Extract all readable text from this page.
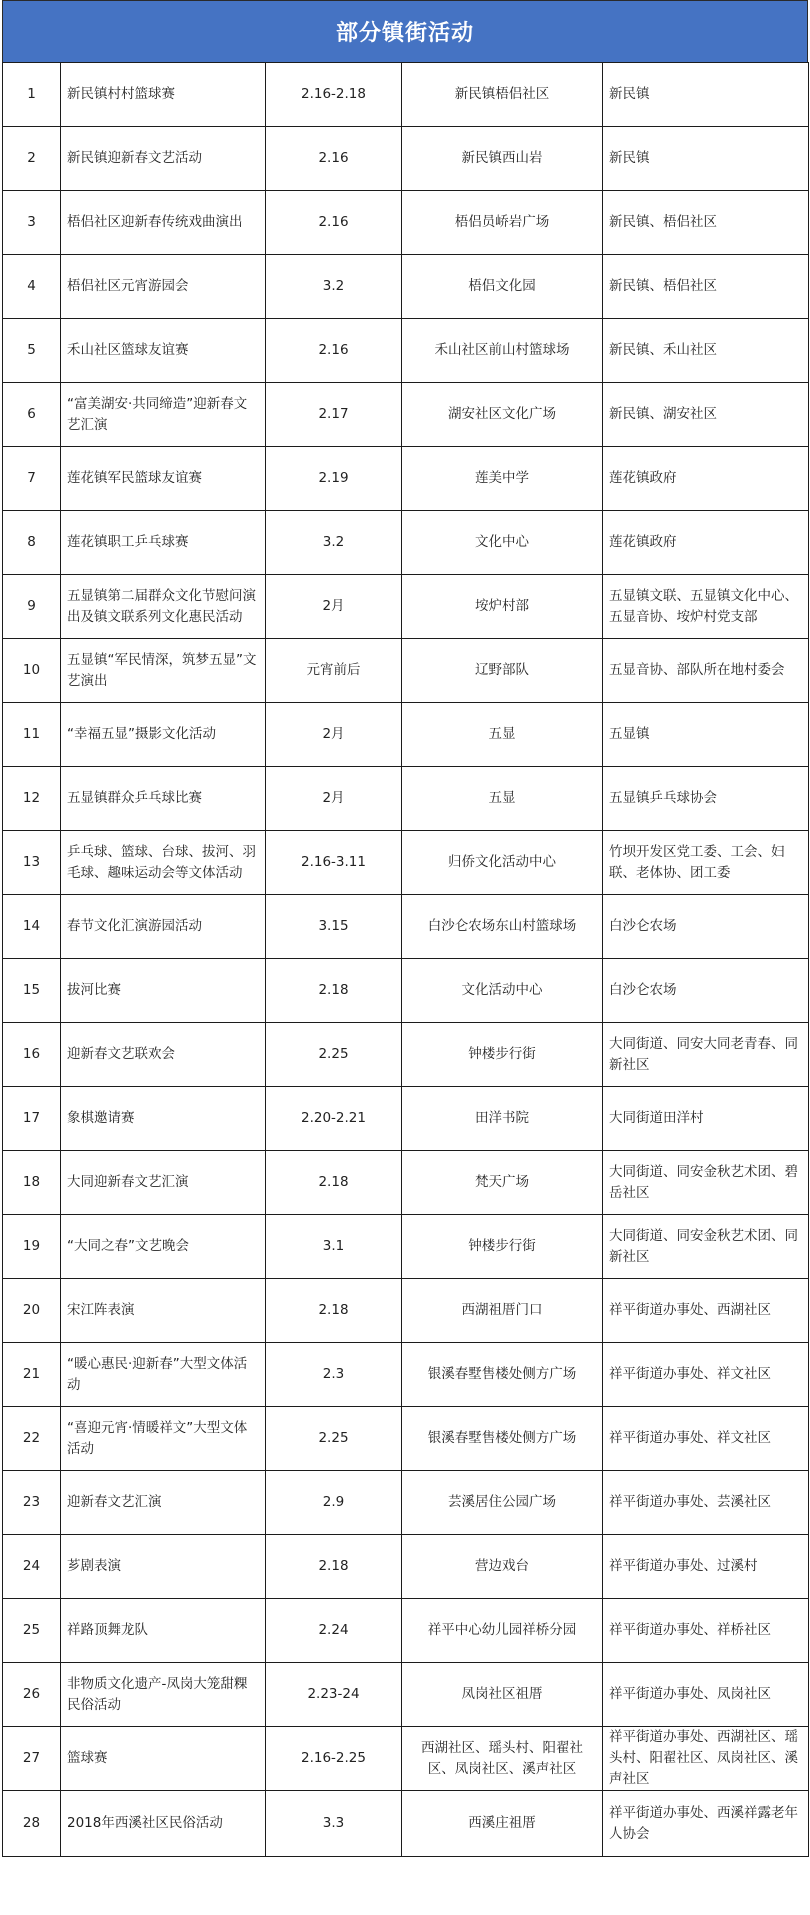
部分镇街活动
1	新民镇村村篮球赛	2.16-2.18	新民镇梧侣社区	新民镇
2	新民镇迎新春文艺活动	2.16	新民镇西山岩	新民镇
3	梧侣社区迎新春传统戏曲演出	2.16	梧侣员峤岩广场	新民镇、梧侣社区
4	梧侣社区元宵游园会	3.2	梧侣文化园	新民镇、梧侣社区
5	禾山社区篮球友谊赛	2.16	禾山社区前山村篮球场	新民镇、禾山社区
6	“富美湖安·共同缔造”迎新春文艺汇演	2.17	湖安社区文化广场	新民镇、湖安社区
7	莲花镇军民篮球友谊赛	2.19	莲美中学	莲花镇政府
8	莲花镇职工乒乓球赛	3.2	文化中心	莲花镇政府
9	五显镇第二届群众文化节慰问演出及镇文联系列文化惠民活动	2月	垵炉村部	五显镇文联、五显镇文化中心、五显音协、垵炉村党支部
10	五显镇“军民情深，筑梦五显”文艺演出	元宵前后	辽野部队	五显音协、部队所在地村委会
11	“幸福五显”摄影文化活动	2月	五显	五显镇
12	五显镇群众乒乓球比赛	2月	五显	五显镇乒乓球协会
13	乒乓球、篮球、台球、拔河、羽毛球、趣味运动会等文体活动	2.16-3.11	归侨文化活动中心	竹坝开发区党工委、工会、妇联、老体协、团工委
14	春节文化汇演游园活动	3.15	白沙仑农场东山村篮球场	白沙仑农场
15	拔河比赛	2.18	文化活动中心	白沙仑农场
16	迎新春文艺联欢会	2.25	钟楼步行街	大同街道、同安大同老青春、同新社区
17	象棋邀请赛	2.20-2.21	田洋书院	大同街道田洋村
18	大同迎新春文艺汇演	2.18	梵天广场	大同街道、同安金秋艺术团、碧岳社区
19	“大同之春”文艺晚会	3.1	钟楼步行街	大同街道、同安金秋艺术团、同新社区
20	宋江阵表演	2.18	西湖祖厝门口	祥平街道办事处、西湖社区
21	“暖心惠民·迎新春”大型文体活动	2.3	银溪春墅售楼处侧方广场	祥平街道办事处、祥文社区
22	“喜迎元宵·情暖祥文”大型文体活动	2.25	银溪春墅售楼处侧方广场	祥平街道办事处、祥文社区
23	迎新春文艺汇演	2.9	芸溪居住公园广场	祥平街道办事处、芸溪社区
24	芗剧表演	2.18	营边戏台	祥平街道办事处、过溪村
25	祥路顶舞龙队	2.24	祥平中心幼儿园祥桥分园	祥平街道办事处、祥桥社区
26	非物质文化遗产-凤岗大笼甜粿民俗活动	2.23-24	凤岗社区祖厝	祥平街道办事处、凤岗社区
27	篮球赛	2.16-2.25	西湖社区、瑶头村、阳翟社区、凤岗社区、溪声社区	祥平街道办事处、西湖社区、瑶头村、阳翟社区、凤岗社区、溪声社区
28	2018年西溪社区民俗活动	3.3	西溪庄祖厝	祥平街道办事处、西溪祥露老年人协会
